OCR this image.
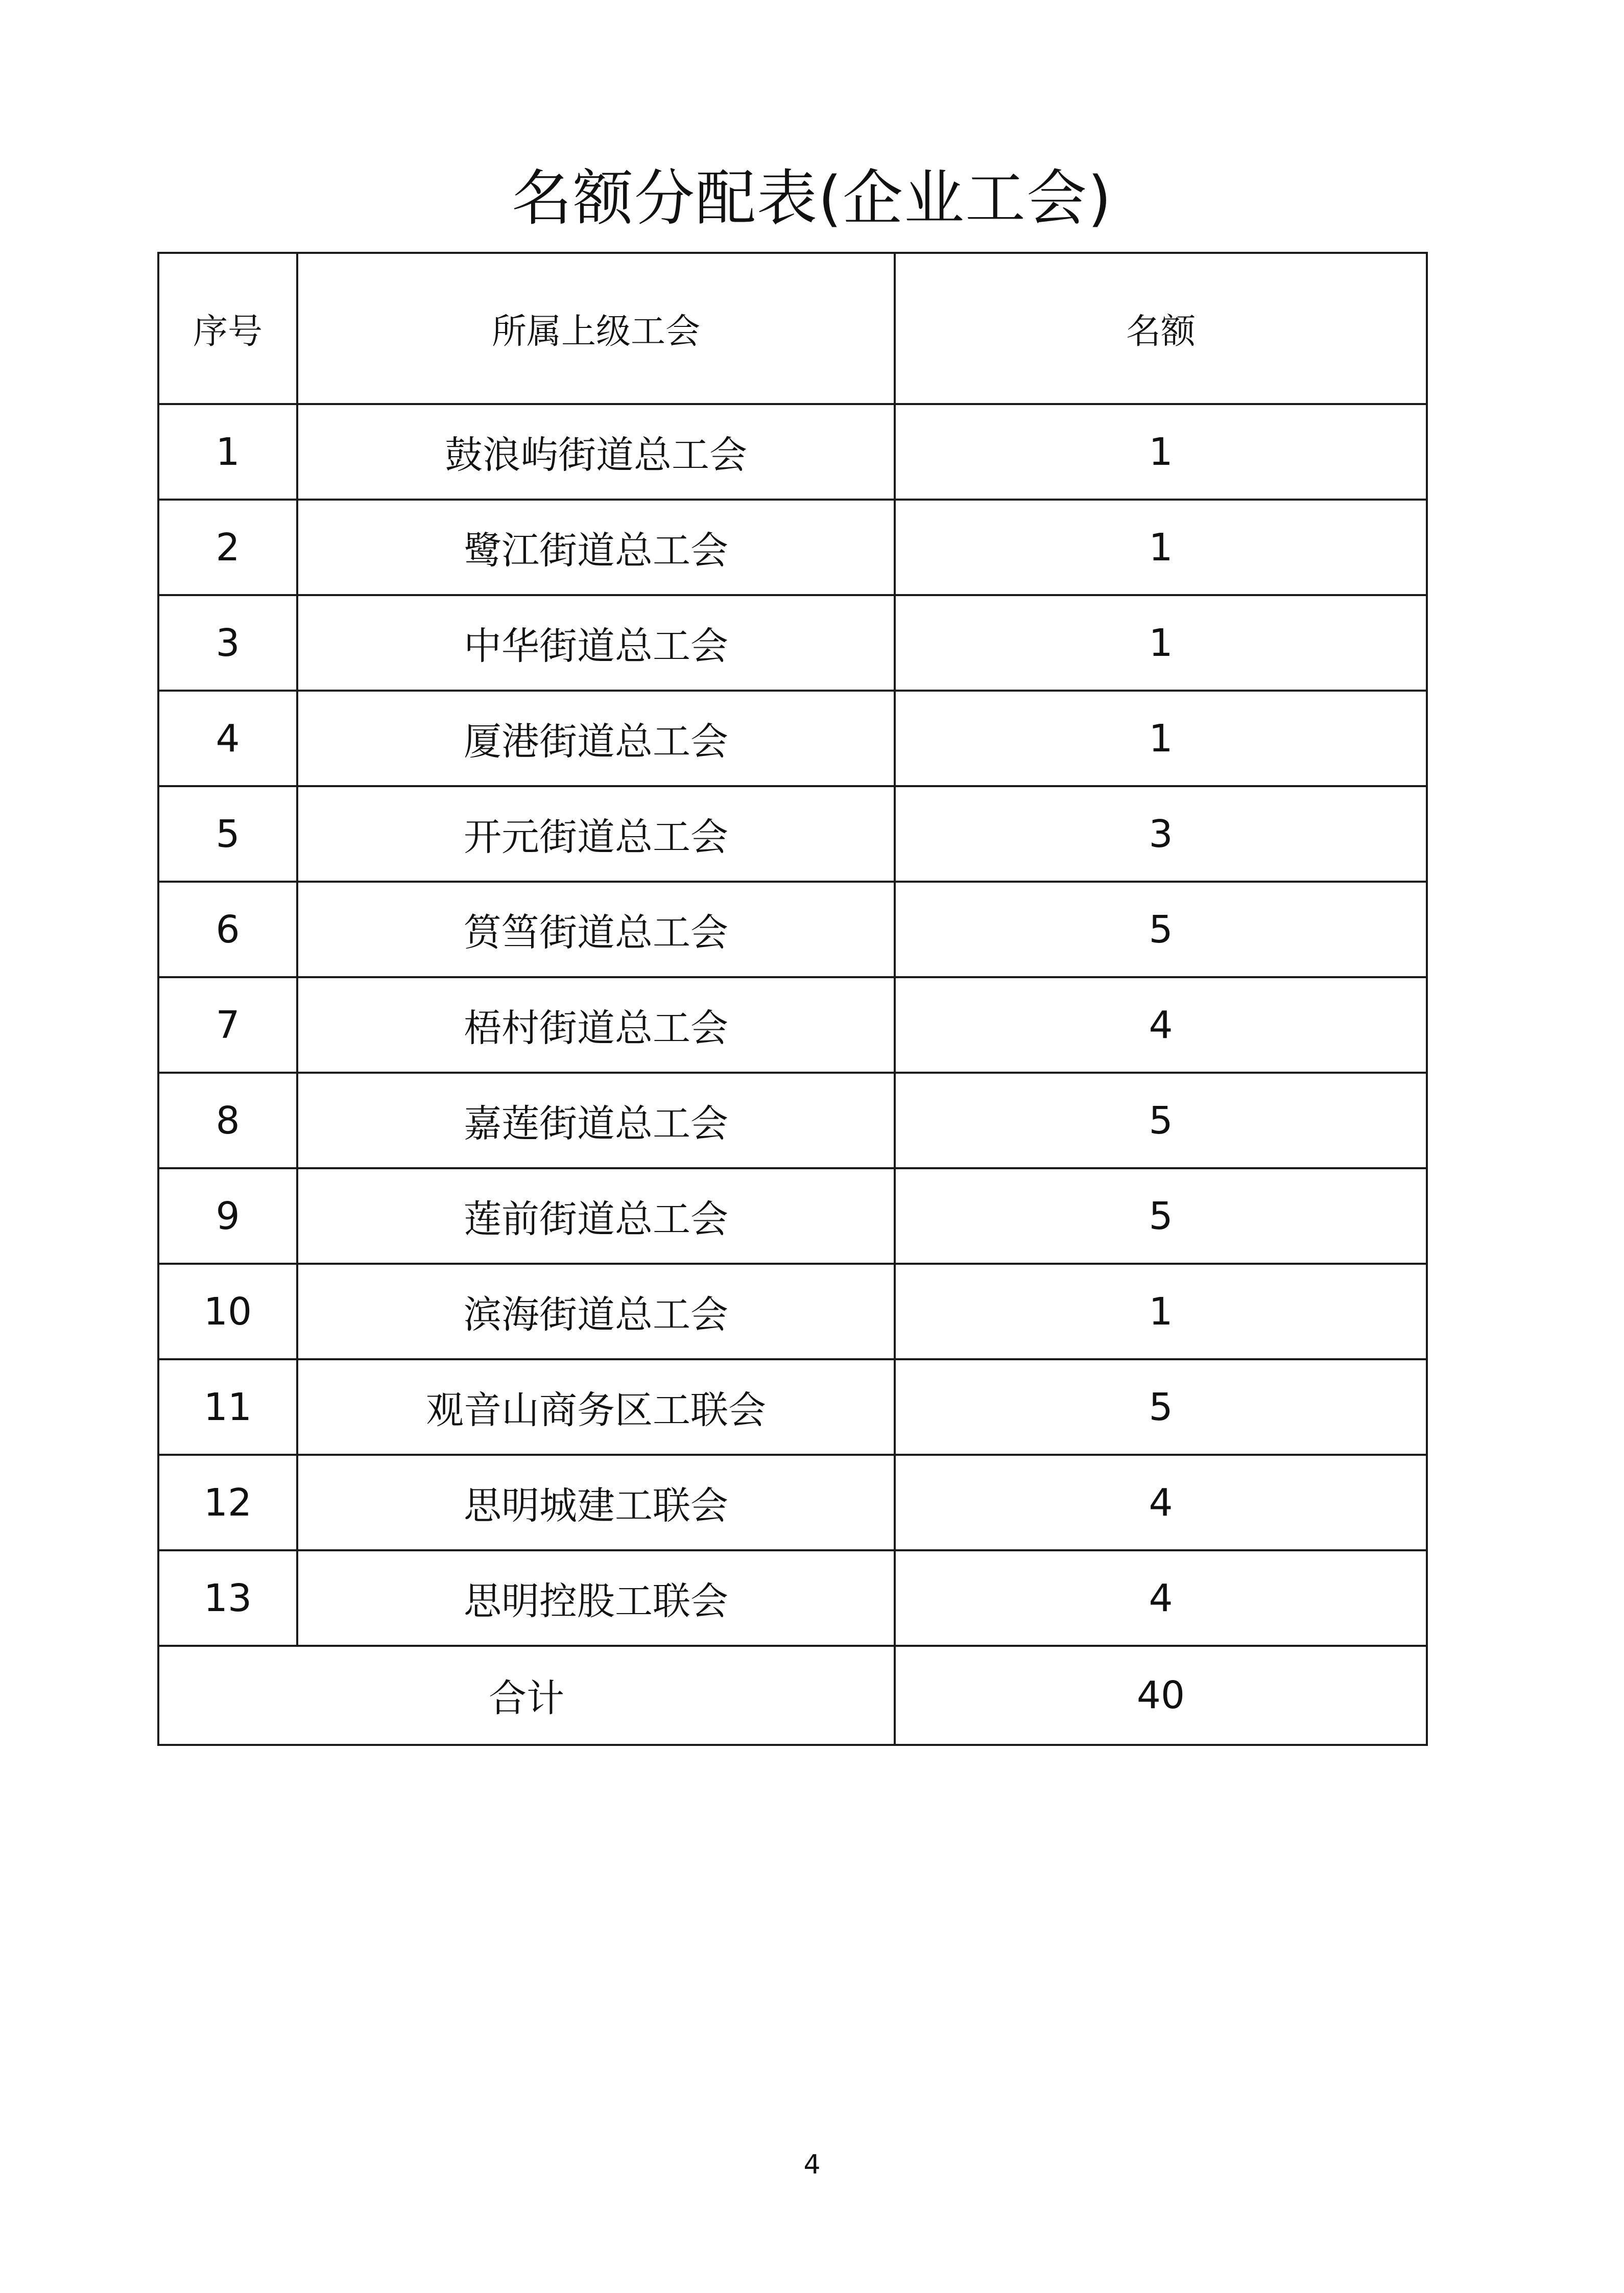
名额分配表(企业工会)
序号	所属上级工会	名额
1	鼓浪屿街道总工会	1
2	鹭江街道总工会	1
3	中华街道总工会	1
4	厦港街道总工会	1
5	开元街道总工会	3
6	筼筜街道总工会	5
7	梧村街道总工会	4
8	嘉莲街道总工会	5
9	莲前街道总工会	5
10	滨海街道总工会	1
11	观音山商务区工联会	5
12	思明城建工联会	4
13	思明控股工联会	4
合计		40
4
